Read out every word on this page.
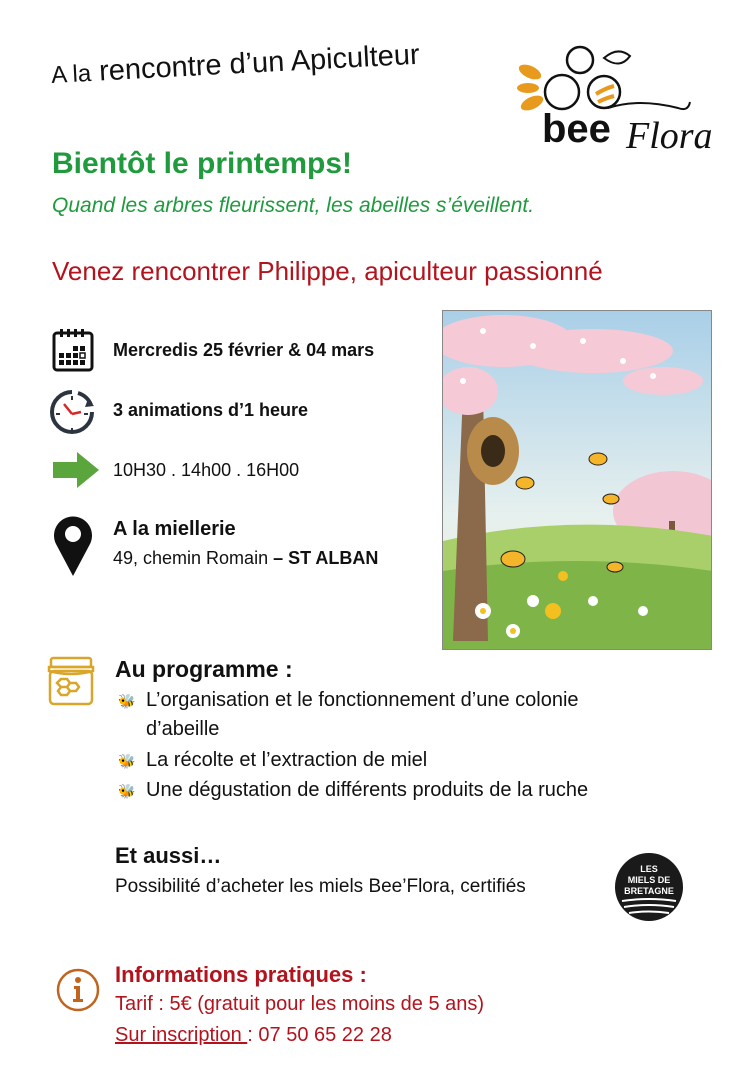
A la rencontre d’un Apiculteur
bee Flora
Bientôt le printemps!
Quand les arbres fleurissent, les abeilles s’éveillent.
Venez rencontrer Philippe, apiculteur passionné
Mercredis 25 février & 04 mars
3 animations d’1 heure
10H30 . 14h00 . 16H00
A la miellerie
49, chemin Romain – ST ALBAN
Au programme :
🐝 L’organisation et le fonctionnement d’une colonie
d’abeille
🐝 La récolte et l’extraction de miel
🐝 Une dégustation de différents produits de la ruche
Et aussi…
Possibilité d’acheter les miels Bee’Flora, certifiés
LES
MIELS DE
BRETAGNE
Informations pratiques :
Tarif : 5€ (gratuit pour les moins de 5 ans)
Sur inscription : 07 50 65 22 28
